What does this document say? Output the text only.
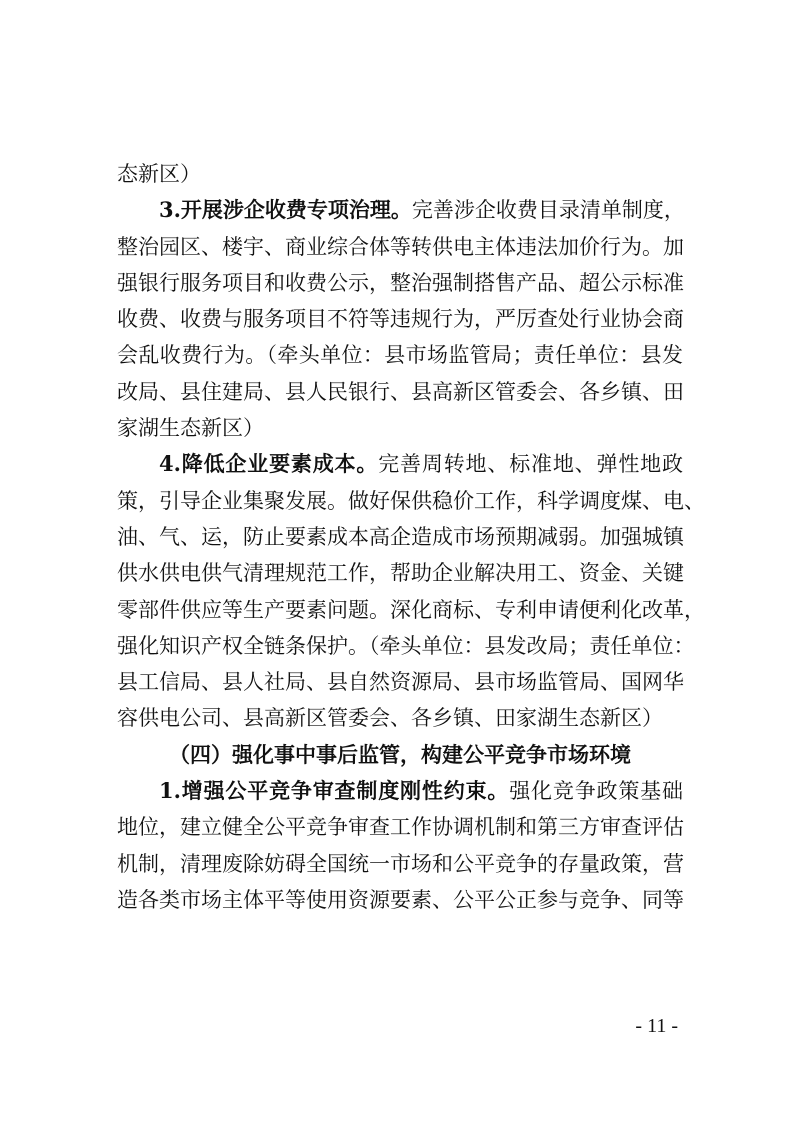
态新区）
3.开展涉企收费专项治理。完善涉企收费目录清单制度，
整治园区、楼宇、商业综合体等转供电主体违法加价行为。加
强银行服务项目和收费公示，整治强制搭售产品、超公示标准
收费、收费与服务项目不符等违规行为，严厉查处行业协会商
会乱收费行为。（牵头单位：县市场监管局；责任单位：县发
改局、县住建局、县人民银行、县高新区管委会、各乡镇、田
家湖生态新区）
4.降低企业要素成本。完善周转地、标准地、弹性地政
策，引导企业集聚发展。做好保供稳价工作，科学调度煤、电、
油、气、运，防止要素成本高企造成市场预期减弱。加强城镇
供水供电供气清理规范工作，帮助企业解决用工、资金、关键
零部件供应等生产要素问题。深化商标、专利申请便利化改革，
强化知识产权全链条保护。（牵头单位：县发改局；责任单位：
县工信局、县人社局、县自然资源局、县市场监管局、国网华
容供电公司、县高新区管委会、各乡镇、田家湖生态新区）
（四）强化事中事后监管，构建公平竞争市场环境
1.增强公平竞争审查制度刚性约束。强化竞争政策基础
地位，建立健全公平竞争审查工作协调机制和第三方审查评估
机制，清理废除妨碍全国统一市场和公平竞争的存量政策，营
造各类市场主体平等使用资源要素、公平公正参与竞争、同等
- 11 -
